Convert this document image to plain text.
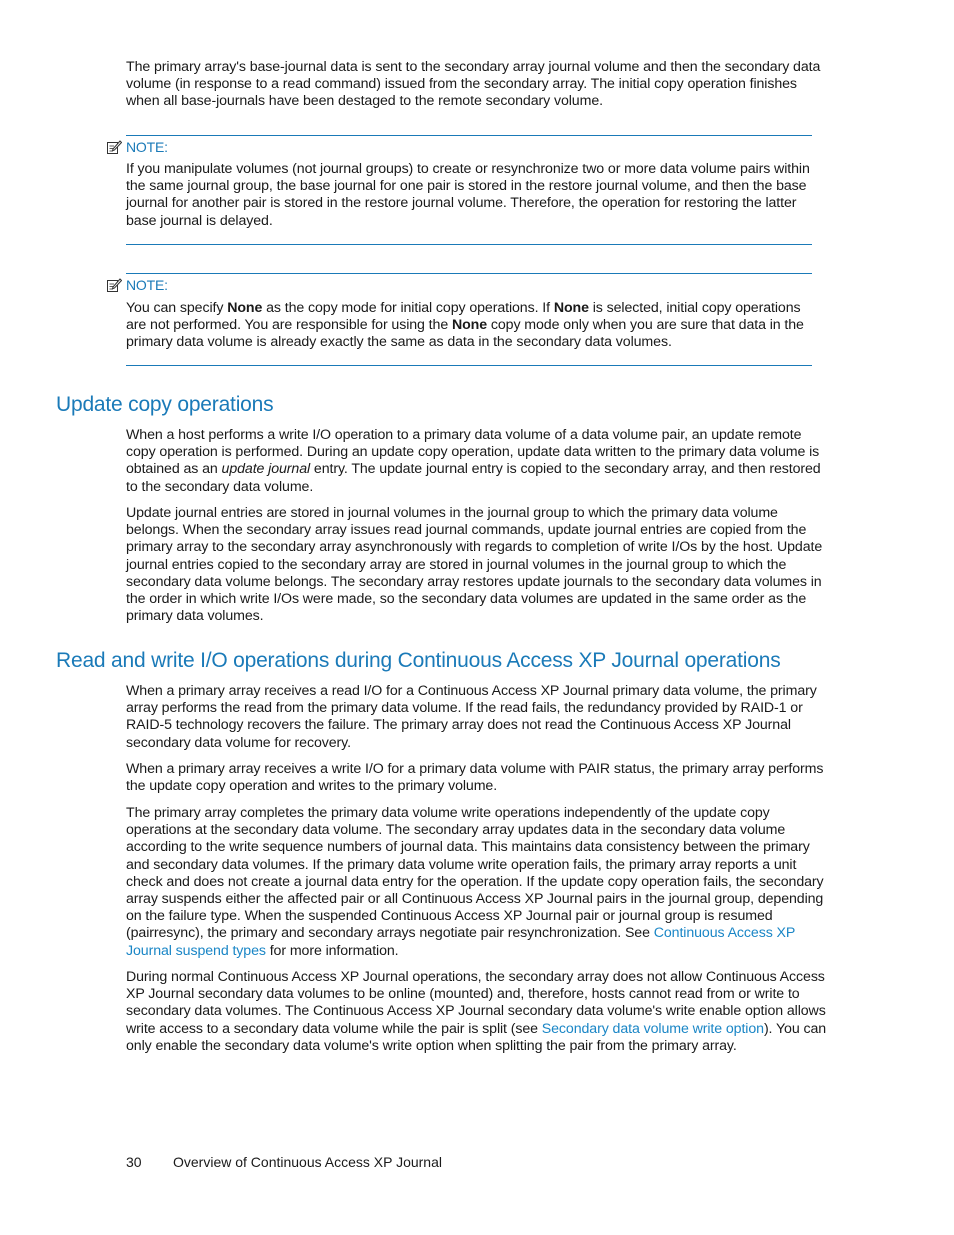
The primary array's base-journal data is sent to the secondary array journal volume and then the secondary data volume (in response to a read command) issued from the secondary array. The initial copy operation finishes when all base-journals have been destaged to the remote secondary volume.

NOTE:

If you manipulate volumes (not journal groups) to create or resynchronize two or more data volume pairs within the same journal group, the base journal for one pair is stored in the restore journal volume, and then the base journal for another pair is stored in the restore journal volume. Therefore, the operation for restoring the latter base journal is delayed.

NOTE:

You can specify None as the copy mode for initial copy operations. If None is selected, initial copy operations are not performed. You are responsible for using the None copy mode only when you are sure that data in the primary data volume is already exactly the same as data in the secondary data volumes.

Update copy operations

When a host performs a write I/O operation to a primary data volume of a data volume pair, an update remote copy operation is performed. During an update copy operation, update data written to the primary data volume is obtained as an update journal entry. The update journal entry is copied to the secondary array, and then restored to the secondary data volume.

Update journal entries are stored in journal volumes in the journal group to which the primary data volume belongs. When the secondary array issues read journal commands, update journal entries are copied from the primary array to the secondary array asynchronously with regards to completion of write I/Os by the host. Update journal entries copied to the secondary array are stored in journal volumes in the journal group to which the secondary data volume belongs. The secondary array restores update journals to the secondary data volumes in the order in which write I/Os were made, so the secondary data volumes are updated in the same order as the primary data volumes.

Read and write I/O operations during Continuous Access XP Journal operations

When a primary array receives a read I/O for a Continuous Access XP Journal primary data volume, the primary array performs the read from the primary data volume. If the read fails, the redundancy provided by RAID-1 or RAID-5 technology recovers the failure. The primary array does not read the Continuous Access XP Journal secondary data volume for recovery.

When a primary array receives a write I/O for a primary data volume with PAIR status, the primary array performs the update copy operation and writes to the primary volume.

The primary array completes the primary data volume write operations independently of the update copy operations at the secondary data volume. The secondary array updates data in the secondary data volume according to the write sequence numbers of journal data. This maintains data consistency between the primary and secondary data volumes. If the primary data volume write operation fails, the primary array reports a unit check and does not create a journal data entry for the operation. If the update copy operation fails, the secondary array suspends either the affected pair or all Continuous Access XP Journal pairs in the journal group, depending on the failure type. When the suspended Continuous Access XP Journal pair or journal group is resumed (pairresync), the primary and secondary arrays negotiate pair resynchronization. See Continuous Access XP Journal suspend types for more information.

During normal Continuous Access XP Journal operations, the secondary array does not allow Continuous Access XP Journal secondary data volumes to be online (mounted) and, therefore, hosts cannot read from or write to secondary data volumes. The Continuous Access XP Journal secondary data volume's write enable option allows write access to a secondary data volume while the pair is split (see Secondary data volume write option). You can only enable the secondary data volume's write option when splitting the pair from the primary array.

30 Overview of Continuous Access XP Journal
